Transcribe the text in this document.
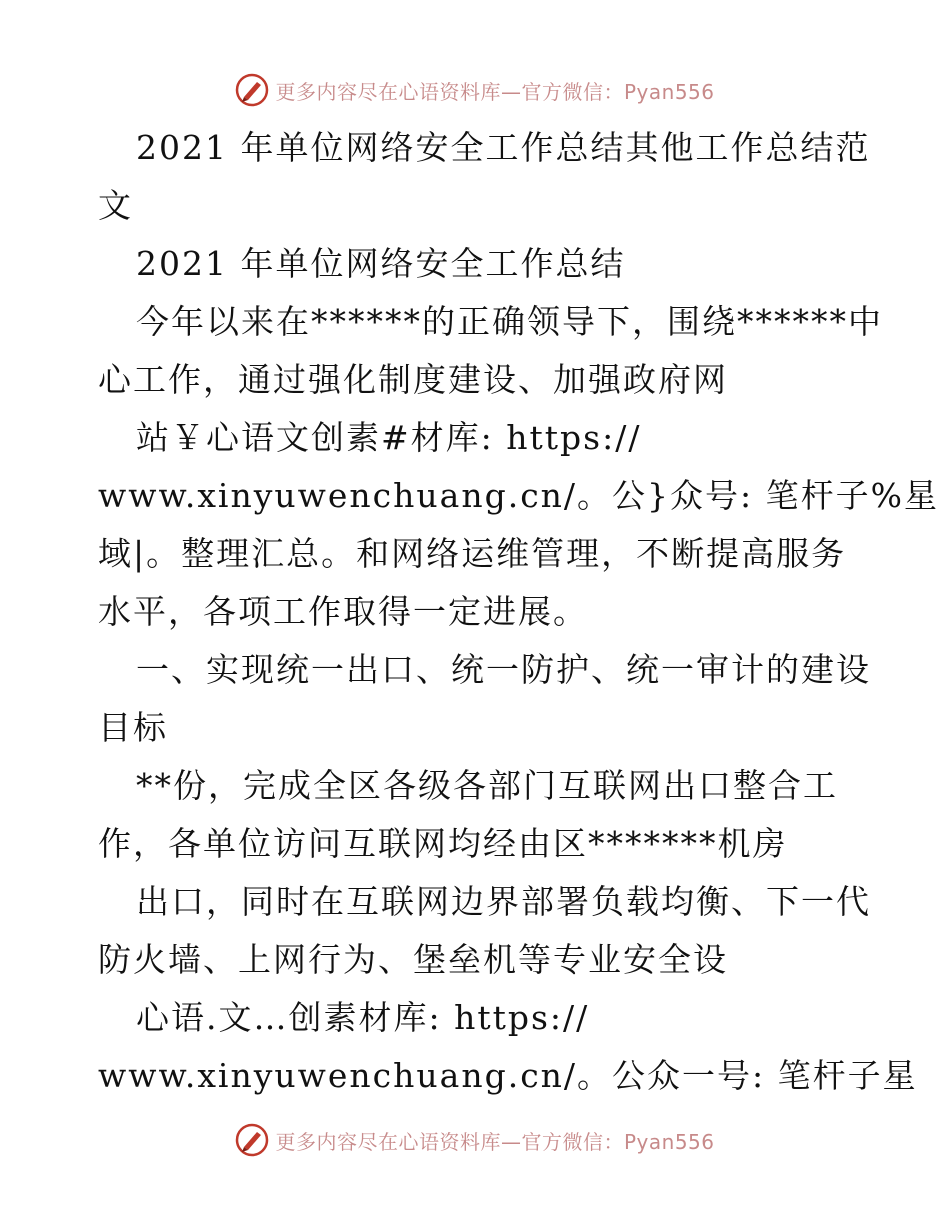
更多内容尽在心语资料库—官方微信：Pyan556
2021 年单位网络安全工作总结其他工作总结范
文
2021 年单位网络安全工作总结
今年以来在******的正确领导下，围绕******中
心工作，通过强化制度建设、加强政府网
站￥心语文创素#材库: https://
www.xinyuwenchuang.cn/。公}众号: 笔杆子%星
域|。整理汇总。和网络运维管理，不断提高服务
水平，各项工作取得一定进展。
一、实现统一出口、统一防护、统一审计的建设
目标
**份，完成全区各级各部门互联网出口整合工
作，各单位访问互联网均经由区*******机房
出口，同时在互联网边界部署负载均衡、下一代
防火墙、上网行为、堡垒机等专业安全设
心语.文…创素材库: https://
www.xinyuwenchuang.cn/。公众一号: 笔杆子星
更多内容尽在心语资料库—官方微信：Pyan556
